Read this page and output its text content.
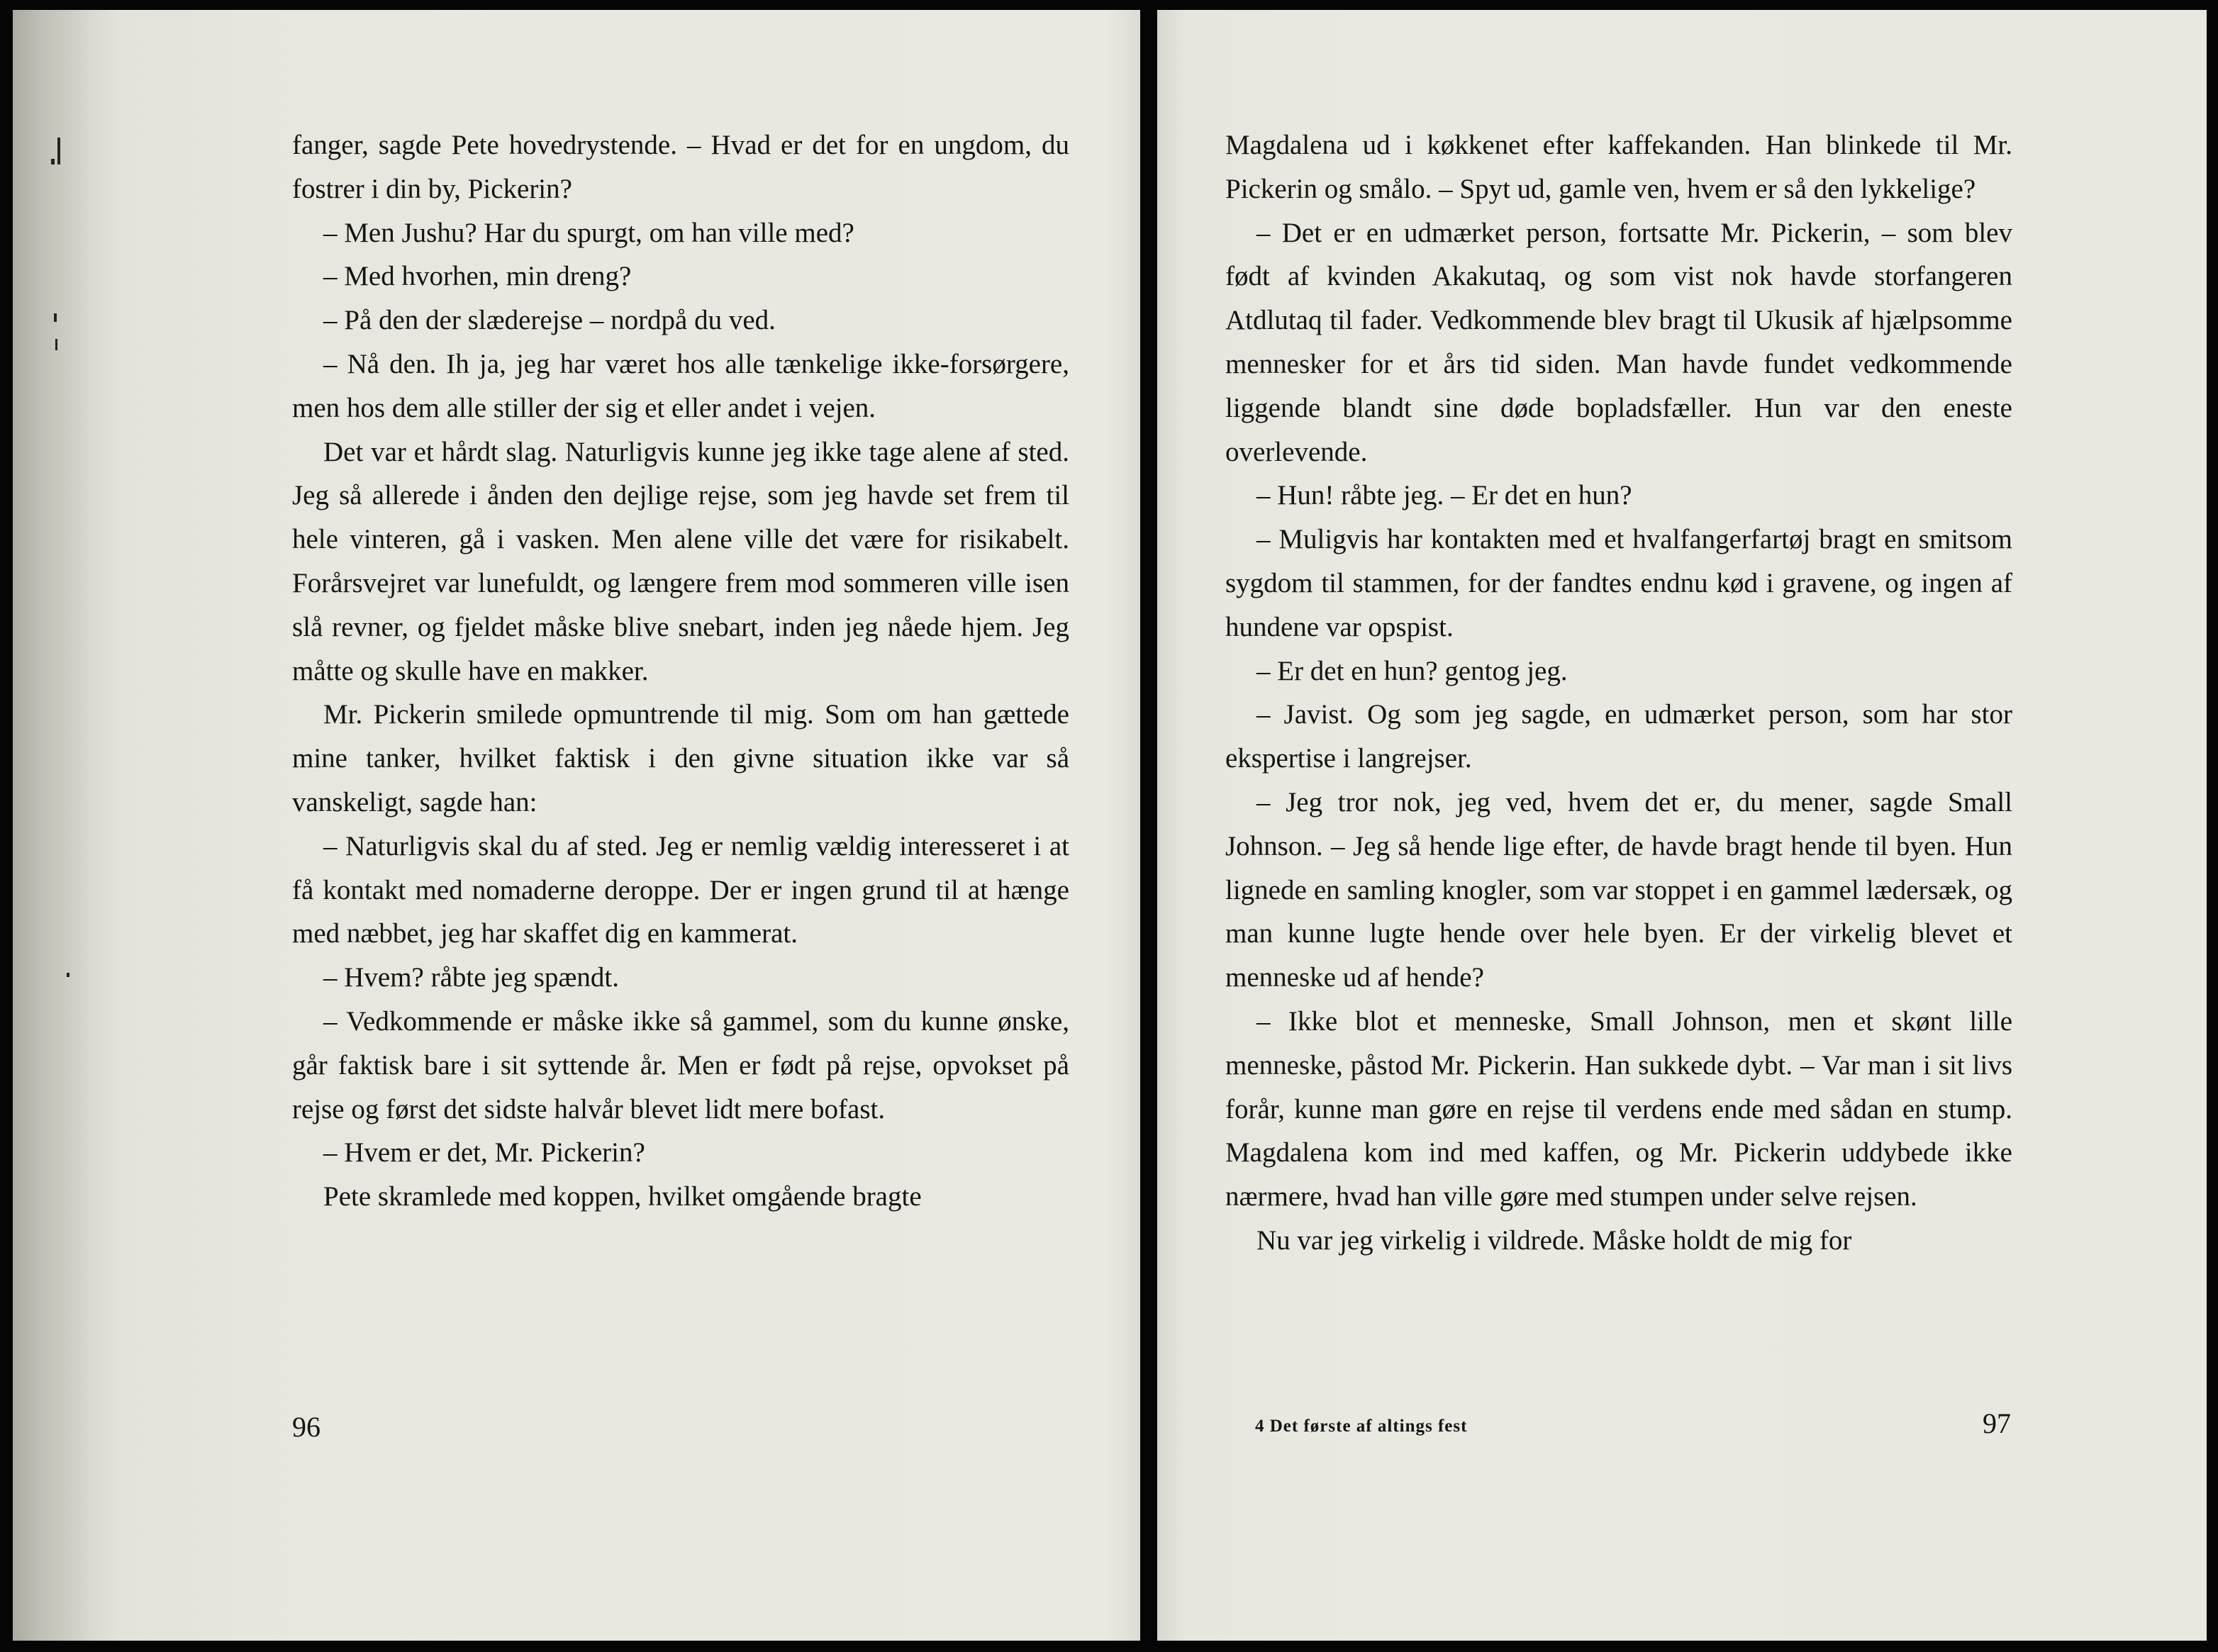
fanger, sagde Pete hovedrystende. – Hvad er det for en ungdom, du fostrer i din by, Pickerin?

– Men Jushu? Har du spurgt, om han ville med?

– Med hvorhen, min dreng?

– På den der slæderejse – nordpå du ved.

– Nå den. Ih ja, jeg har været hos alle tænkelige ikke-forsørgere, men hos dem alle stiller der sig et eller andet i vejen.

Det var et hårdt slag. Naturligvis kunne jeg ikke tage alene af sted. Jeg så allerede i ånden den dejlige rejse, som jeg havde set frem til hele vinteren, gå i vasken. Men alene ville det være for risikabelt. Forårsvejret var lunefuldt, og længere frem mod sommeren ville isen slå revner, og fjeldet måske blive snebart, inden jeg nåede hjem. Jeg måtte og skulle have en makker.

Mr. Pickerin smilede opmuntrende til mig. Som om han gættede mine tanker, hvilket faktisk i den givne situation ikke var så vanskeligt, sagde han:

– Naturligvis skal du af sted. Jeg er nemlig vældig interesseret i at få kontakt med nomaderne deroppe. Der er ingen grund til at hænge med næbbet, jeg har skaffet dig en kammerat.

– Hvem? råbte jeg spændt.

– Vedkommende er måske ikke så gammel, som du kunne ønske, går faktisk bare i sit syttende år. Men er født på rejse, opvokset på rejse og først det sidste halvår blevet lidt mere bofast.

– Hvem er det, Mr. Pickerin?

Pete skramlede med koppen, hvilket omgående bragte

96

Magdalena ud i køkkenet efter kaffekanden. Han blinkede til Mr. Pickerin og smålo. – Spyt ud, gamle ven, hvem er så den lykkelige?

– Det er en udmærket person, fortsatte Mr. Pickerin, – som blev født af kvinden Akakutaq, og som vist nok havde storfangeren Atdlutaq til fader. Vedkommende blev bragt til Ukusik af hjælpsomme mennesker for et års tid siden. Man havde fundet vedkommende liggende blandt sine døde bopladsfæller. Hun var den eneste overlevende.

– Hun! råbte jeg. – Er det en hun?

– Muligvis har kontakten med et hvalfangerfartøj bragt en smitsom sygdom til stammen, for der fandtes endnu kød i gravene, og ingen af hundene var opspist.

– Er det en hun? gentog jeg.

– Javist. Og som jeg sagde, en udmærket person, som har stor ekspertise i langrejser.

– Jeg tror nok, jeg ved, hvem det er, du mener, sagde Small Johnson. – Jeg så hende lige efter, de havde bragt hende til byen. Hun lignede en samling knogler, som var stoppet i en gammel lædersæk, og man kunne lugte hende over hele byen. Er der virkelig blevet et menneske ud af hende?

– Ikke blot et menneske, Small Johnson, men et skønt lille menneske, påstod Mr. Pickerin. Han sukkede dybt. – Var man i sit livs forår, kunne man gøre en rejse til verdens ende med sådan en stump. Magdalena kom ind med kaffen, og Mr. Pickerin uddybede ikke nærmere, hvad han ville gøre med stumpen under selve rejsen.

Nu var jeg virkelig i vildrede. Måske holdt de mig for

4 Det første af altings fest	97
